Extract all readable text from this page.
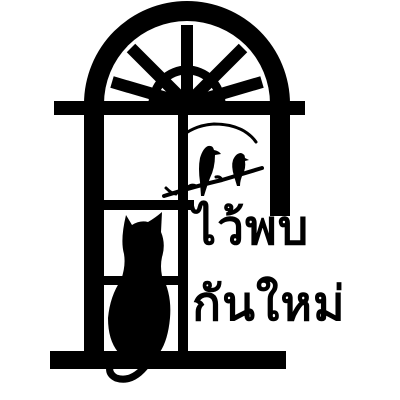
ไว้พบ

กันใหม่
